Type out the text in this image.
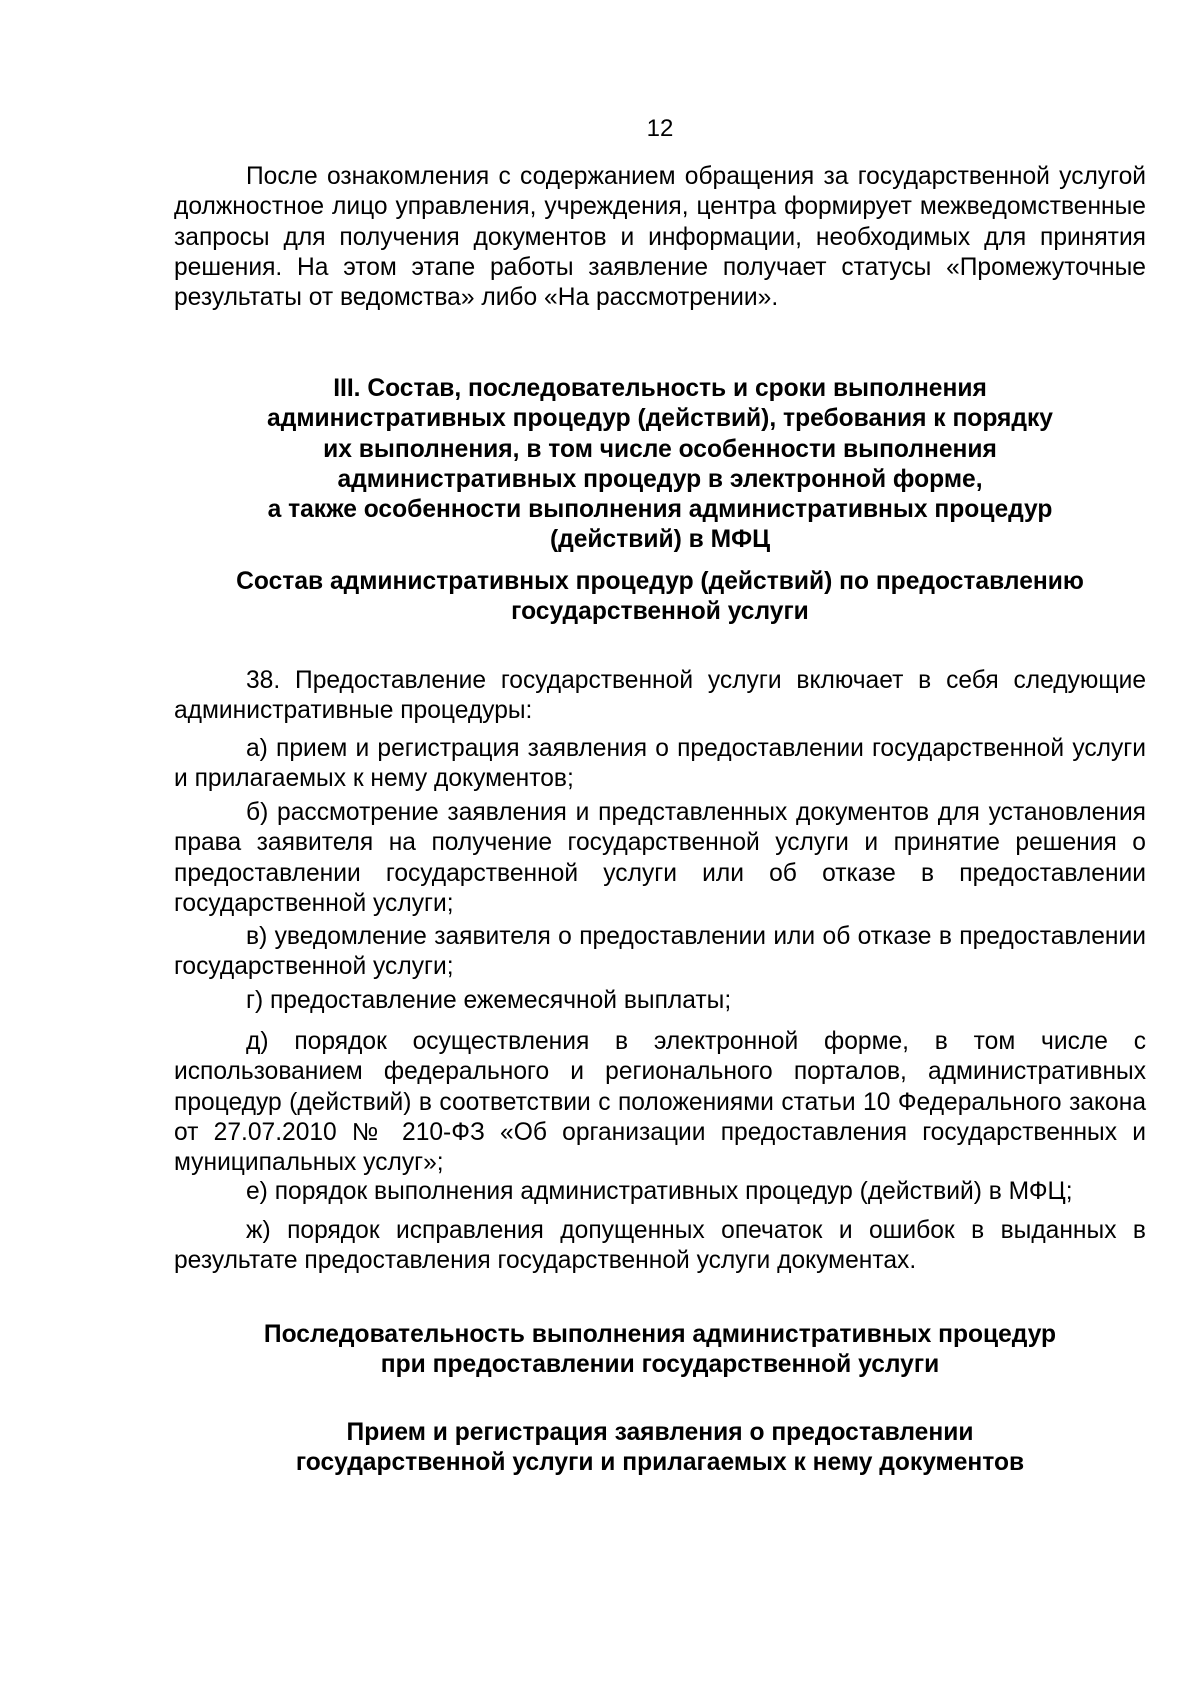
12

После ознакомления с содержанием обращения за государственной услугой должностное лицо управления, учреждения, центра формирует межведомственные запросы для получения документов и информации, необходимых для принятия решения. На этом этапе работы заявление получает статусы «Промежуточные результаты от ведомства» либо «На рассмотрении».

III. Состав, последовательность и сроки выполнения
административных процедур (действий), требования к порядку
их выполнения, в том числе особенности выполнения
административных процедур в электронной форме,
а также особенности выполнения административных процедур
(действий) в МФЦ
Состав административных процедур (действий) по предоставлению
государственной услуги

38. Предоставление государственной услуги включает в себя следующие административные процедуры:

а) прием и регистрация заявления о предоставлении государственной услуги и прилагаемых к нему документов;

б) рассмотрение заявления и представленных документов для установления права заявителя на получение государственной услуги и принятие решения о предоставлении государственной услуги или об отказе в предоставлении государственной услуги;

в) уведомление заявителя о предоставлении или об отказе в предоставлении государственной услуги;

г) предоставление ежемесячной выплаты;

д) порядок осуществления в электронной форме, в том числе с использованием федерального и регионального порталов, административных процедур (действий) в соответствии с положениями статьи 10 Федерального закона от 27.07.2010 № 210-ФЗ «Об организации предоставления государственных и муниципальных услуг»;

е) порядок выполнения административных процедур (действий) в МФЦ;

ж) порядок исправления допущенных опечаток и ошибок в выданных в результате предоставления государственной услуги документах.

Последовательность выполнения административных процедур
при предоставлении государственной услуги
Прием и регистрация заявления о предоставлении
государственной услуги и прилагаемых к нему документов
